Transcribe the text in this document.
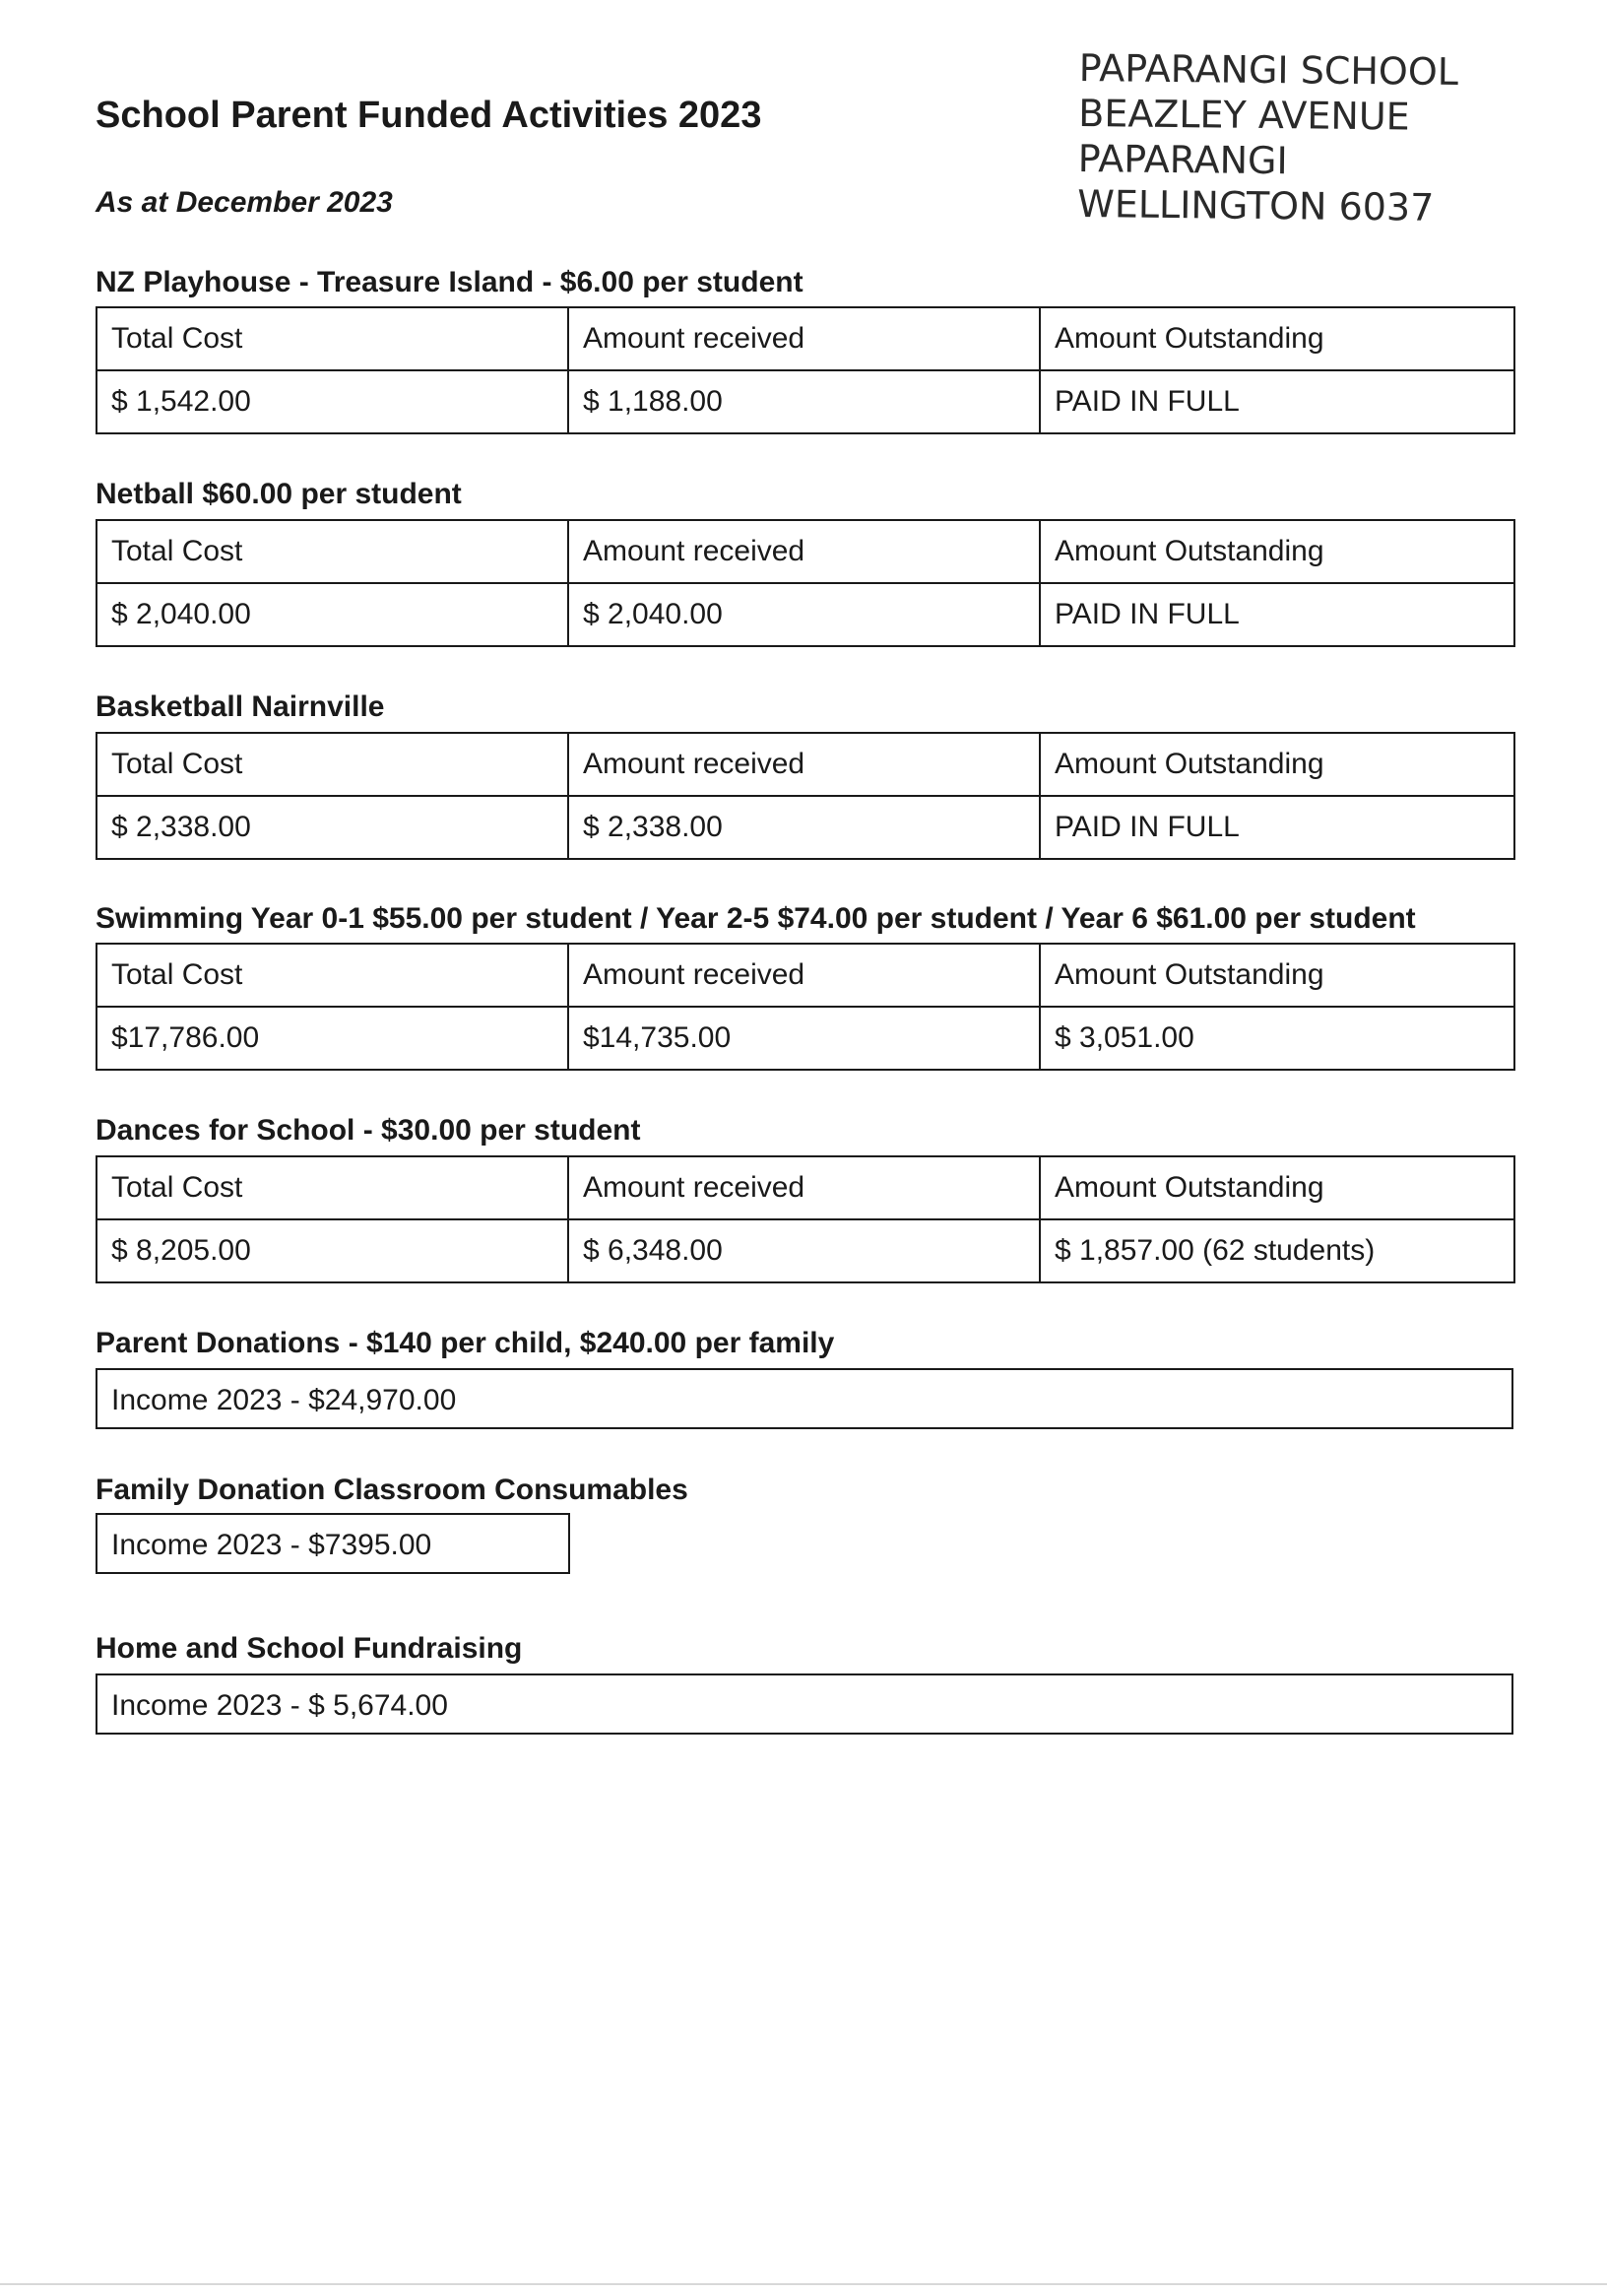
PAPARANGI SCHOOL
BEAZLEY AVENUE
PAPARANGI
WELLINGTON 6037
School Parent Funded Activities 2023
As at December 2023
NZ Playhouse - Treasure Island - $6.00 per student
Total Cost	Amount received	Amount Outstanding
$ 1,542.00	$ 1,188.00	PAID IN FULL
Netball $60.00 per student
Total Cost	Amount received	Amount Outstanding
$ 2,040.00	$ 2,040.00	PAID IN FULL
Basketball Nairnville
Total Cost	Amount received	Amount Outstanding
$ 2,338.00	$ 2,338.00	PAID IN FULL
Swimming Year 0-1 $55.00 per student / Year 2-5 $74.00 per student / Year 6 $61.00 per student
Total Cost	Amount received	Amount Outstanding
$17,786.00	$14,735.00	$ 3,051.00
Dances for School - $30.00 per student
Total Cost	Amount received	Amount Outstanding
$ 8,205.00	$ 6,348.00	$ 1,857.00 (62 students)
Parent Donations - $140 per child, $240.00 per family
Income 2023 - $24,970.00
Family Donation Classroom Consumables
Income 2023 - $7395.00
Home and School Fundraising
Income 2023 - $ 5,674.00
